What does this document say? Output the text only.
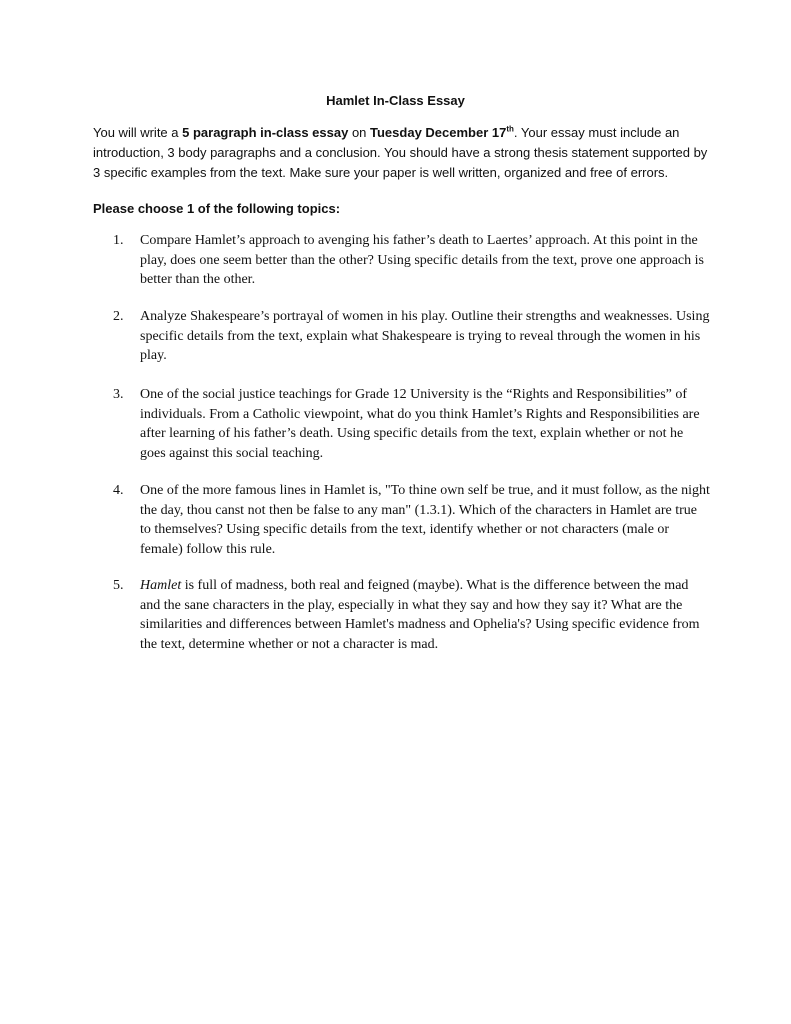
Hamlet In-Class Essay

You will write a 5 paragraph in-class essay on Tuesday December 17th. Your essay must include an introduction, 3 body paragraphs and a conclusion. You should have a strong thesis statement supported by 3 specific examples from the text. Make sure your paper is well written, organized and free of errors.

Please choose 1 of the following topics:

1. Compare Hamlet’s approach to avenging his father’s death to Laertes’ approach. At this point in the play, does one seem better than the other? Using specific details from the text, prove one approach is better than the other.
2. Analyze Shakespeare’s portrayal of women in his play. Outline their strengths and weaknesses. Using specific details from the text, explain what Shakespeare is trying to reveal through the women in his play.
3. One of the social justice teachings for Grade 12 University is the “Rights and Responsibilities” of individuals. From a Catholic viewpoint, what do you think Hamlet’s Rights and Responsibilities are after learning of his father’s death. Using specific details from the text, explain whether or not he goes against this social teaching.
4. One of the more famous lines in Hamlet is, "To thine own self be true, and it must follow, as the night the day, thou canst not then be false to any man" (1.3.1). Which of the characters in Hamlet are true to themselves? Using specific details from the text, identify whether or not characters (male or female) follow this rule.
5. Hamlet is full of madness, both real and feigned (maybe). What is the difference between the mad and the sane characters in the play, especially in what they say and how they say it? What are the similarities and differences between Hamlet's madness and Ophelia's? Using specific evidence from the text, determine whether or not a character is mad.
